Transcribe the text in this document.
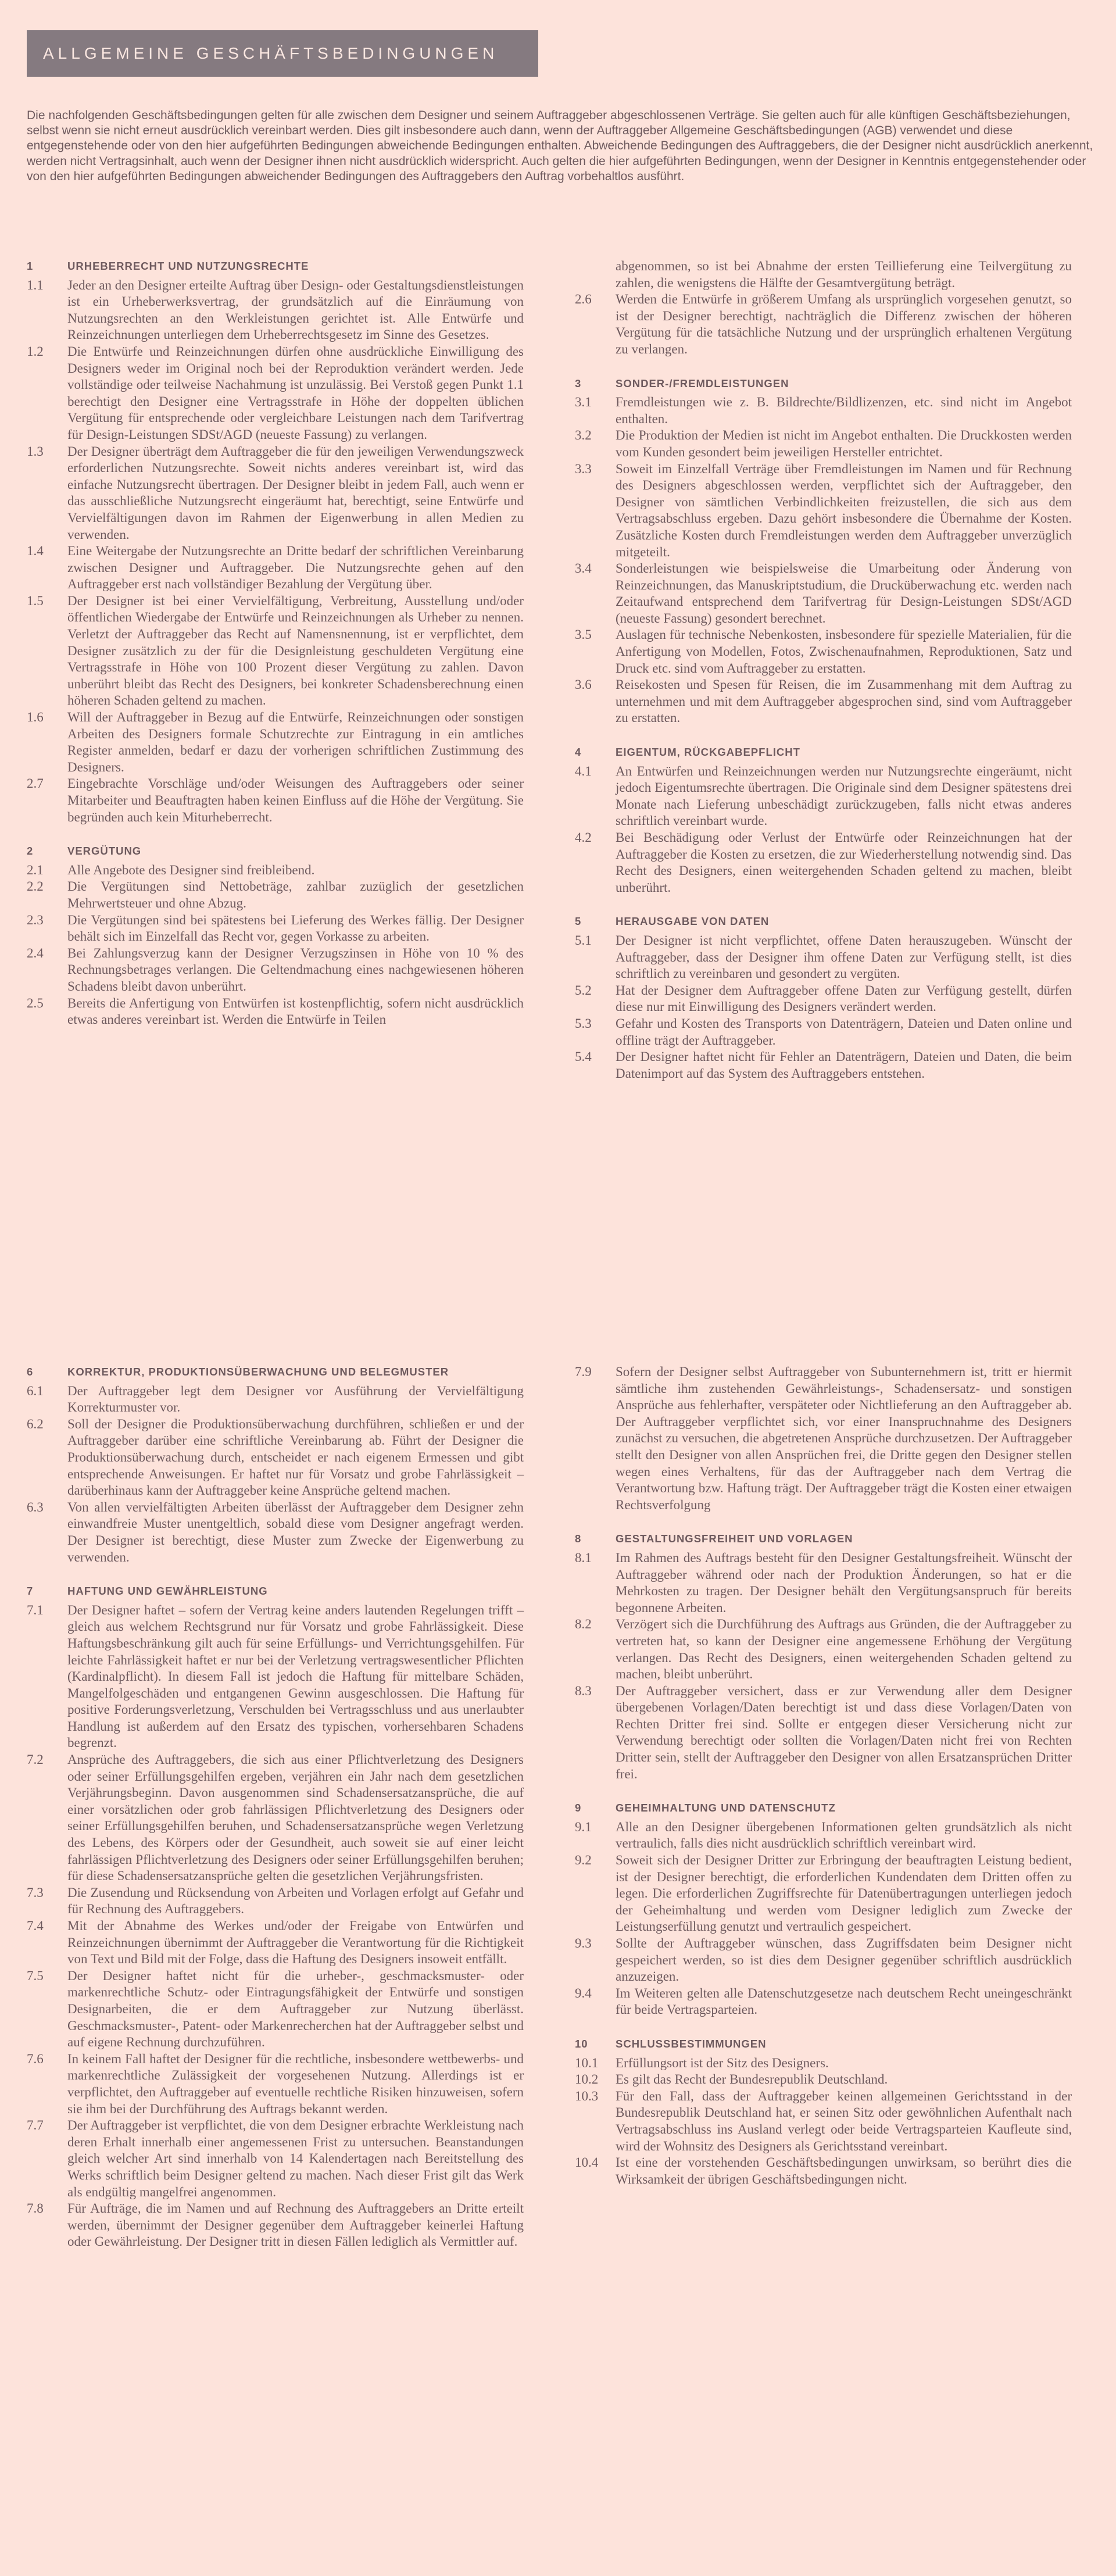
ALLGEMEINE GESCHÄFTSBEDINGUNGEN

Die nachfolgenden Geschäftsbedingungen gelten für alle zwischen dem Designer und seinem Auftraggeber abgeschlossenen Verträge. Sie gelten auch für alle künftigen Geschäftsbeziehungen, selbst wenn sie nicht erneut ausdrücklich vereinbart werden. Dies gilt insbesondere auch dann, wenn der Auftraggeber Allgemeine Geschäftsbedingungen (AGB) verwendet und diese entgegenstehende oder von den hier aufgeführten Bedingungen abweichende Bedingungen enthalten. Abweichende Bedingungen des Auftraggebers, die der Designer nicht ausdrücklich anerkennt, werden nicht Vertragsinhalt, auch wenn der Designer ihnen nicht ausdrücklich widerspricht. Auch gelten die hier aufgeführten Bedingungen, wenn der Designer in Kenntnis entgegenstehender oder von den hier aufgeführten Bedingungen abweichender Bedingungen des Auftraggebers den Auftrag vorbehaltlos ausführt.

1	URHEBERRECHT UND NUTZUNGSRECHTE
1.1	Jeder an den Designer erteilte Auftrag über Design- oder Gestaltungsdienstleistungen ist ein Urheberwerksvertrag, der grundsätzlich auf die Einräumung von Nutzungsrechten an den Werkleistungen gerichtet ist. Alle Entwürfe und Reinzeichnungen unterliegen dem Urheberrechtsgesetz im Sinne des Gesetzes.
1.2	Die Entwürfe und Reinzeichnungen dürfen ohne ausdrückliche Einwilligung des Designers weder im Original noch bei der Reproduktion verändert werden. Jede vollständige oder teilweise Nachahmung ist unzulässig. Bei Verstoß gegen Punkt 1.1 berechtigt den Designer eine Vertragsstrafe in Höhe der doppelten üblichen Vergütung für entsprechende oder vergleichbare Leistungen nach dem Tarifvertrag für Design-Leistungen SDSt/AGD (neueste Fassung) zu verlangen.
1.3	Der Designer überträgt dem Auftraggeber die für den jeweiligen Verwendungszweck erforderlichen Nutzungsrechte. Soweit nichts anderes vereinbart ist, wird das einfache Nutzungsrecht übertragen. Der Designer bleibt in jedem Fall, auch wenn er das ausschließliche Nutzungsrecht eingeräumt hat, berechtigt, seine Entwürfe und Vervielfältigungen davon im Rahmen der Eigenwerbung in allen Medien zu verwenden.
1.4	Eine Weitergabe der Nutzungsrechte an Dritte bedarf der schriftlichen Vereinbarung zwischen Designer und Auftraggeber. Die Nutzungsrechte gehen auf den Auftraggeber erst nach vollständiger Bezahlung der Vergütung über.
1.5	Der Designer ist bei einer Vervielfältigung, Verbreitung, Ausstellung und/oder öffentlichen Wiedergabe der Entwürfe und Reinzeichnungen als Urheber zu nennen. Verletzt der Auftraggeber das Recht auf Namensnennung, ist er verpflichtet, dem Designer zusätzlich zu der für die Designleistung geschuldeten Vergütung eine Vertragsstrafe in Höhe von 100 Prozent dieser Vergütung zu zahlen. Davon unberührt bleibt das Recht des Designers, bei konkreter Schadensberechnung einen höheren Schaden geltend zu machen.
1.6	Will der Auftraggeber in Bezug auf die Entwürfe, Reinzeichnungen oder sonstigen Arbeiten des Designers formale Schutzrechte zur Eintragung in ein amtliches Register anmelden, bedarf er dazu der vorherigen schriftlichen Zustimmung des Designers.
2.7	Eingebrachte Vorschläge und/oder Weisungen des Auftraggebers oder seiner Mitarbeiter und Beauftragten haben keinen Einfluss auf die Höhe der Vergütung. Sie begründen auch kein Miturheberrecht.
2	VERGÜTUNG
2.1	Alle Angebote des Designer sind freibleibend.
2.2	Die Vergütungen sind Nettobeträge, zahlbar zuzüglich der gesetzlichen Mehrwertsteuer und ohne Abzug.
2.3	Die Vergütungen sind bei spätestens bei Lieferung des Werkes fällig. Der Designer behält sich im Einzelfall das Recht vor, gegen Vorkasse zu arbeiten.
2.4	Bei Zahlungsverzug kann der Designer Verzugszinsen in Höhe von 10 % des Rechnungsbetrages verlangen. Die Geltendmachung eines nachgewiesenen höheren Schadens bleibt davon unberührt.
2.5	Bereits die Anfertigung von Entwürfen ist kostenpflichtig, sofern nicht ausdrücklich etwas anderes vereinbart ist. Werden die Entwürfe in Teilen
abgenommen, so ist bei Abnahme der ersten Teillieferung eine Teilvergütung zu zahlen, die wenigstens die Hälfte der Gesamtvergütung beträgt.
2.6	Werden die Entwürfe in größerem Umfang als ursprünglich vorgesehen genutzt, so ist der Designer berechtigt, nachträglich die Differenz zwischen der höheren Vergütung für die tatsächliche Nutzung und der ursprünglich erhaltenen Vergütung zu verlangen.
3	SONDER-/FREMDLEISTUNGEN
3.1	Fremdleistungen wie z. B. Bildrechte/Bildlizenzen, etc. sind nicht im Angebot enthalten.
3.2	Die Produktion der Medien ist nicht im Angebot enthalten. Die Druckkosten werden vom Kunden gesondert beim jeweiligen Hersteller entrichtet.
3.3	Soweit im Einzelfall Verträge über Fremdleistungen im Namen und für Rechnung des Designers abgeschlossen werden, verpflichtet sich der Auftraggeber, den Designer von sämtlichen Verbindlichkeiten freizustellen, die sich aus dem Vertragsabschluss ergeben. Dazu gehört insbesondere die Übernahme der Kosten. Zusätzliche Kosten durch Fremdleistungen werden dem Auftraggeber unverzüglich mitgeteilt.
3.4	Sonderleistungen wie beispielsweise die Umarbeitung oder Änderung von Reinzeichnungen, das Manuskriptstudium, die Drucküberwachung etc. werden nach Zeitaufwand entsprechend dem Tarifvertrag für Design-Leistungen SDSt/AGD (neueste Fassung) gesondert berechnet.
3.5	Auslagen für technische Nebenkosten, insbesondere für spezielle Materialien, für die Anfertigung von Modellen, Fotos, Zwischenaufnahmen, Reproduktionen, Satz und Druck etc. sind vom Auftraggeber zu erstatten.
3.6	Reisekosten und Spesen für Reisen, die im Zusammenhang mit dem Auftrag zu unternehmen und mit dem Auftraggeber abgesprochen sind, sind vom Auftraggeber zu erstatten.
4	EIGENTUM, RÜCKGABEPFLICHT
4.1	An Entwürfen und Reinzeichnungen werden nur Nutzungsrechte eingeräumt, nicht jedoch Eigentumsrechte übertragen. Die Originale sind dem Designer spätestens drei Monate nach Lieferung unbeschädigt zurückzugeben, falls nicht etwas anderes schriftlich vereinbart wurde.
4.2	Bei Beschädigung oder Verlust der Entwürfe oder Reinzeichnungen hat der Auftraggeber die Kosten zu ersetzen, die zur Wiederherstellung notwendig sind. Das Recht des Designers, einen weitergehenden Schaden geltend zu machen, bleibt unberührt.
5	HERAUSGABE VON DATEN
5.1	Der Designer ist nicht verpflichtet, offene Daten herauszugeben. Wünscht der Auftraggeber, dass der Designer ihm offene Daten zur Verfügung stellt, ist dies schriftlich zu vereinbaren und gesondert zu vergüten.
5.2	Hat der Designer dem Auftraggeber offene Daten zur Verfügung gestellt, dürfen diese nur mit Einwilligung des Designers verändert werden.
5.3	Gefahr und Kosten des Transports von Datenträgern, Dateien und Daten online und offline trägt der Auftraggeber.
5.4	Der Designer haftet nicht für Fehler an Datenträgern, Dateien und Daten, die beim Datenimport auf das System des Auftraggebers entstehen.
6	KORREKTUR, PRODUKTIONSÜBERWACHUNG UND BELEGMUSTER
6.1	Der Auftraggeber legt dem Designer vor Ausführung der Vervielfältigung Korrekturmuster vor.
6.2	Soll der Designer die Produktionsüberwachung durchführen, schließen er und der Auftraggeber darüber eine schriftliche Vereinbarung ab. Führt der Designer die Produktionsüberwachung durch, entscheidet er nach eigenem Ermessen und gibt entsprechende Anweisungen. Er haftet nur für Vorsatz und grobe Fahrlässigkeit – darüberhinaus kann der Auftraggeber keine Ansprüche geltend machen.
6.3	Von allen vervielfältigten Arbeiten überlässt der Auftraggeber dem Designer zehn einwandfreie Muster unentgeltlich, sobald diese vom Designer angefragt werden. Der Designer ist berechtigt, diese Muster zum Zwecke der Eigenwerbung zu verwenden.
7	HAFTUNG UND GEWÄHRLEISTUNG
7.1	Der Designer haftet – sofern der Vertrag keine anders lautenden Regelungen trifft – gleich aus welchem Rechtsgrund nur für Vorsatz und grobe Fahrlässigkeit. Diese Haftungsbeschränkung gilt auch für seine Erfüllungs- und Verrichtungsgehilfen. Für leichte Fahrlässigkeit haftet er nur bei der Verletzung vertragswesentlicher Pflichten (Kardinalpflicht). In diesem Fall ist jedoch die Haftung für mittelbare Schäden, Mangelfolgeschäden und entgangenen Gewinn ausgeschlossen. Die Haftung für positive Forderungsverletzung, Verschulden bei Vertragsschluss und aus unerlaubter Handlung ist außerdem auf den Ersatz des typischen, vorhersehbaren Schadens begrenzt.
7.2	Ansprüche des Auftraggebers, die sich aus einer Pflichtverletzung des Designers oder seiner Erfüllungsgehilfen ergeben, verjähren ein Jahr nach dem gesetzlichen Verjährungsbeginn. Davon ausgenommen sind Schadensersatzansprüche, die auf einer vorsätzlichen oder grob fahrlässigen Pflichtverletzung des Designers oder seiner Erfüllungsgehilfen beruhen, und Schadensersatzansprüche wegen Verletzung des Lebens, des Körpers oder der Gesundheit, auch soweit sie auf einer leicht fahrlässigen Pflichtverletzung des Designers oder seiner Erfüllungsgehilfen beruhen; für diese Schadensersatzansprüche gelten die gesetzlichen Verjährungsfristen.
7.3	Die Zusendung und Rücksendung von Arbeiten und Vorlagen erfolgt auf Gefahr und für Rechnung des Auftraggebers.
7.4	Mit der Abnahme des Werkes und/oder der Freigabe von Entwürfen und Reinzeichnungen übernimmt der Auftraggeber die Verantwortung für die Richtigkeit von Text und Bild mit der Folge, dass die Haftung des Designers insoweit entfällt.
7.5	Der Designer haftet nicht für die urheber-, geschmacksmuster- oder markenrechtliche Schutz- oder Eintragungsfähigkeit der Entwürfe und sonstigen Designarbeiten, die er dem Auftraggeber zur Nutzung überlässt. Geschmacksmuster-, Patent- oder Markenrecherchen hat der Auftraggeber selbst und auf eigene Rechnung durchzuführen.
7.6	In keinem Fall haftet der Designer für die rechtliche, insbesondere wettbewerbs- und markenrechtliche Zulässigkeit der vorgesehenen Nutzung. Allerdings ist er verpflichtet, den Auftraggeber auf eventuelle rechtliche Risiken hinzuweisen, sofern sie ihm bei der Durchführung des Auftrags bekannt werden.
7.7	Der Auftraggeber ist verpflichtet, die von dem Designer erbrachte Werkleistung nach deren Erhalt innerhalb einer angemessenen Frist zu untersuchen. Beanstandungen gleich welcher Art sind innerhalb von 14 Kalendertagen nach Bereitstellung des Werks schriftlich beim Designer geltend zu machen. Nach dieser Frist gilt das Werk als endgültig mangelfrei angenommen.
7.8	Für Aufträge, die im Namen und auf Rechnung des Auftraggebers an Dritte erteilt werden, übernimmt der Designer gegenüber dem Auftraggeber keinerlei Haftung oder Gewährleistung. Der Designer tritt in diesen Fällen lediglich als Vermittler auf.
7.9	Sofern der Designer selbst Auftraggeber von Subunternehmern ist, tritt er hiermit sämtliche ihm zustehenden Gewährleistungs-, Schadensersatz- und sonstigen Ansprüche aus fehlerhafter, verspäteter oder Nichtlieferung an den Auftraggeber ab. Der Auftraggeber verpflichtet sich, vor einer Inanspruchnahme des Designers zunächst zu versuchen, die abgetretenen Ansprüche durchzusetzen. Der Auftraggeber stellt den Designer von allen Ansprüchen frei, die Dritte gegen den Designer stellen wegen eines Verhaltens, für das der Auftraggeber nach dem Vertrag die Verantwortung bzw. Haftung trägt. Der Auftraggeber trägt die Kosten einer etwaigen Rechtsverfolgung
8	GESTALTUNGSFREIHEIT UND VORLAGEN
8.1	Im Rahmen des Auftrags besteht für den Designer Gestaltungsfreiheit. Wünscht der Auftraggeber während oder nach der Produktion Änderungen, so hat er die Mehrkosten zu tragen. Der Designer behält den Vergütungsanspruch für bereits begonnene Arbeiten.
8.2	Verzögert sich die Durchführung des Auftrags aus Gründen, die der Auftraggeber zu vertreten hat, so kann der Designer eine angemessene Erhöhung der Vergütung verlangen. Das Recht des Designers, einen weitergehenden Schaden geltend zu machen, bleibt unberührt.
8.3	Der Auftraggeber versichert, dass er zur Verwendung aller dem Designer übergebenen Vorlagen/Daten berechtigt ist und dass diese Vorlagen/Daten von Rechten Dritter frei sind. Sollte er entgegen dieser Versicherung nicht zur Verwendung berechtigt oder sollten die Vorlagen/Daten nicht frei von Rechten Dritter sein, stellt der Auftraggeber den Designer von allen Ersatzansprüchen Dritter frei.
9	GEHEIMHALTUNG UND DATENSCHUTZ
9.1	Alle an den Designer übergebenen Informationen gelten grundsätzlich als nicht vertraulich, falls dies nicht ausdrücklich schriftlich vereinbart wird.
9.2	Soweit sich der Designer Dritter zur Erbringung der beauftragten Leistung bedient, ist der Designer berechtigt, die erforderlichen Kundendaten dem Dritten offen zu legen. Die erforderlichen Zugriffsrechte für Datenübertragungen unterliegen jedoch der Geheimhaltung und werden vom Designer lediglich zum Zwecke der Leistungserfüllung genutzt und vertraulich gespeichert.
9.3	Sollte der Auftraggeber wünschen, dass Zugriffsdaten beim Designer nicht gespeichert werden, so ist dies dem Designer gegenüber schriftlich ausdrücklich anzuzeigen.
9.4	Im Weiteren gelten alle Datenschutzgesetze nach deutschem Recht uneingeschränkt für beide Vertragsparteien.
10	SCHLUSSBESTIMMUNGEN
10.1	Erfüllungsort ist der Sitz des Designers.
10.2	Es gilt das Recht der Bundesrepublik Deutschland.
10.3	Für den Fall, dass der Auftraggeber keinen allgemeinen Gerichtsstand in der Bundesrepublik Deutschland hat, er seinen Sitz oder gewöhnlichen Aufenthalt nach Vertragsabschluss ins Ausland verlegt oder beide Vertragsparteien Kaufleute sind, wird der Wohnsitz des Designers als Gerichtsstand vereinbart.
10.4	Ist eine der vorstehenden Geschäftsbedingungen unwirksam, so berührt dies die Wirksamkeit der übrigen Geschäftsbedingungen nicht.
